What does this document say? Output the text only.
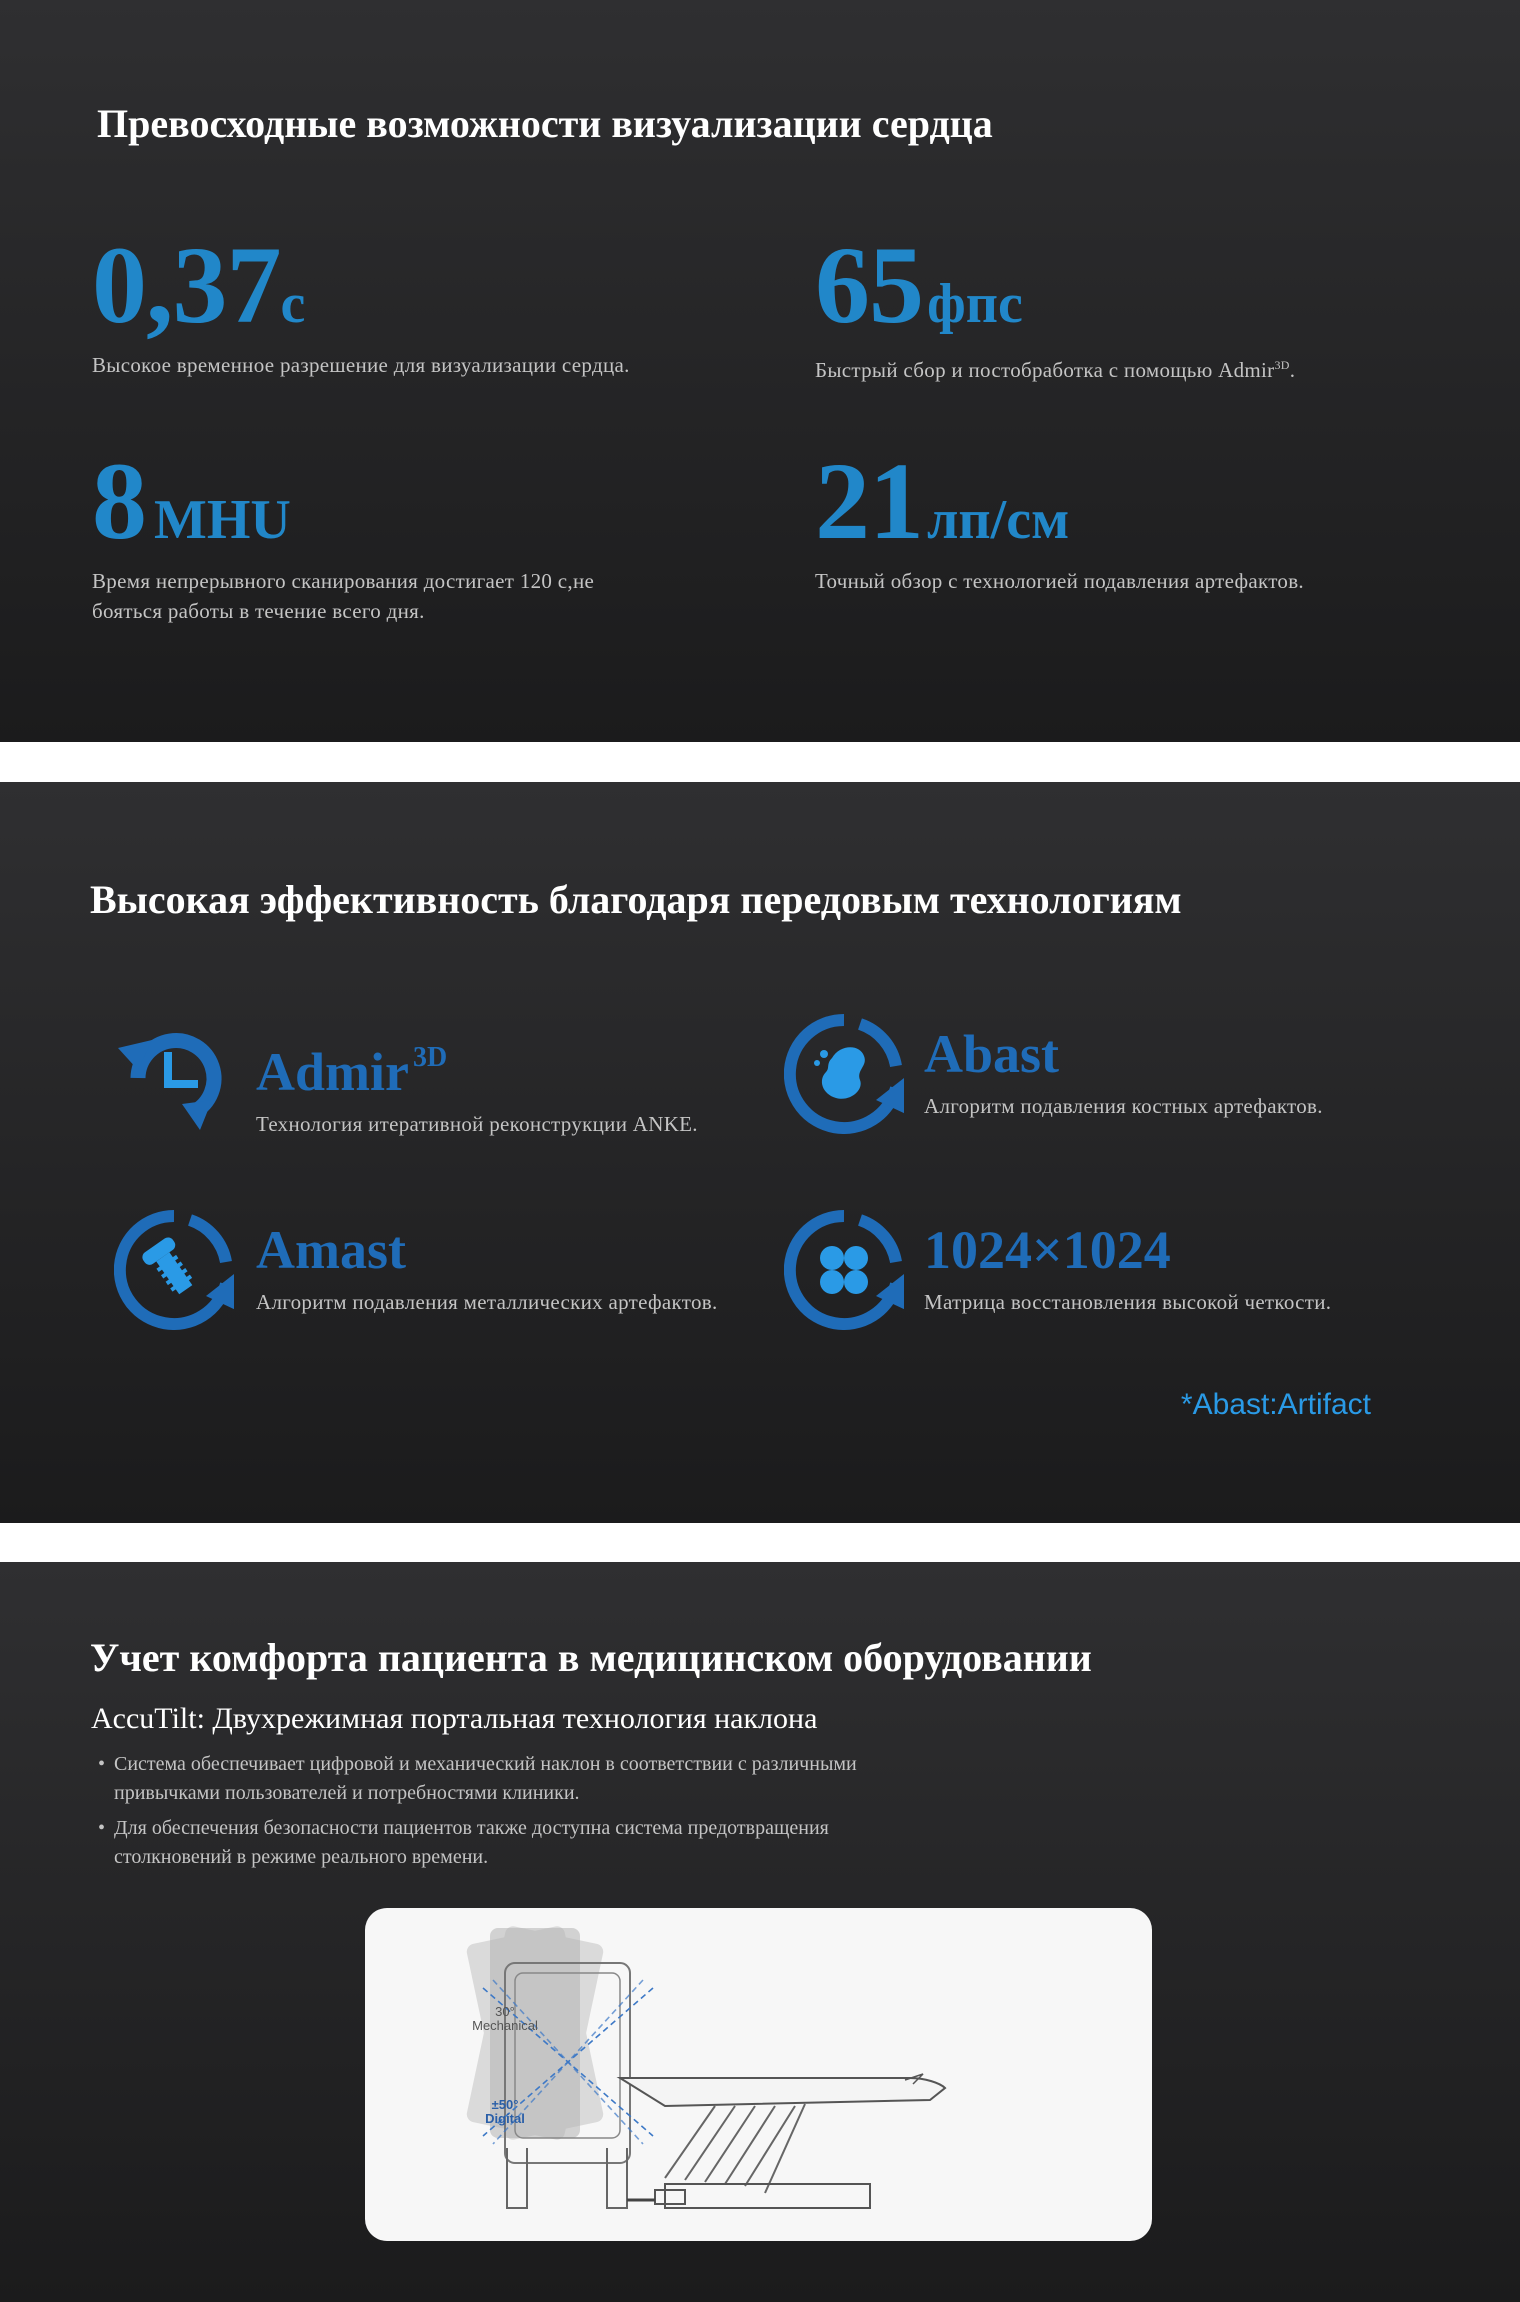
Превосходные возможности визуализации сердца
0,37с
Высокое временное разрешение для визуализации сердца.
65 фпс
Быстрый сбор и постобработка с помощью Admir$^{3D}$.
8 MHU
Время непрерывного сканирования достигает 120 с,не
бояться работы в течение всего дня.
21 лп/см
Точный обзор с технологией подавления артефактов.
Высокая эффективность благодаря передовым технологиям
Admir $^{3D}$
Технология итеративной реконструкции ANKE.
Abast
Алгоритм подавления костных артефактов.
Amast
Алгоритм подавления металлических артефактов.
1024×1024
Матрица восстановления высокой четкости.
*Abast:Artifact
Учет комфорта пациента в медицинском оборудовании
AccuTilt: Двухрежимная портальная технология наклона
• Система обеспечивает цифровой и механический наклон в соответствии с различными
привычками пользователей и потребностями клиники.
• Для обеспечения безопасности пациентов также доступна система предотвращения
столкновений в режиме реального времени.
30°
Mechanical
±50°
Digital
